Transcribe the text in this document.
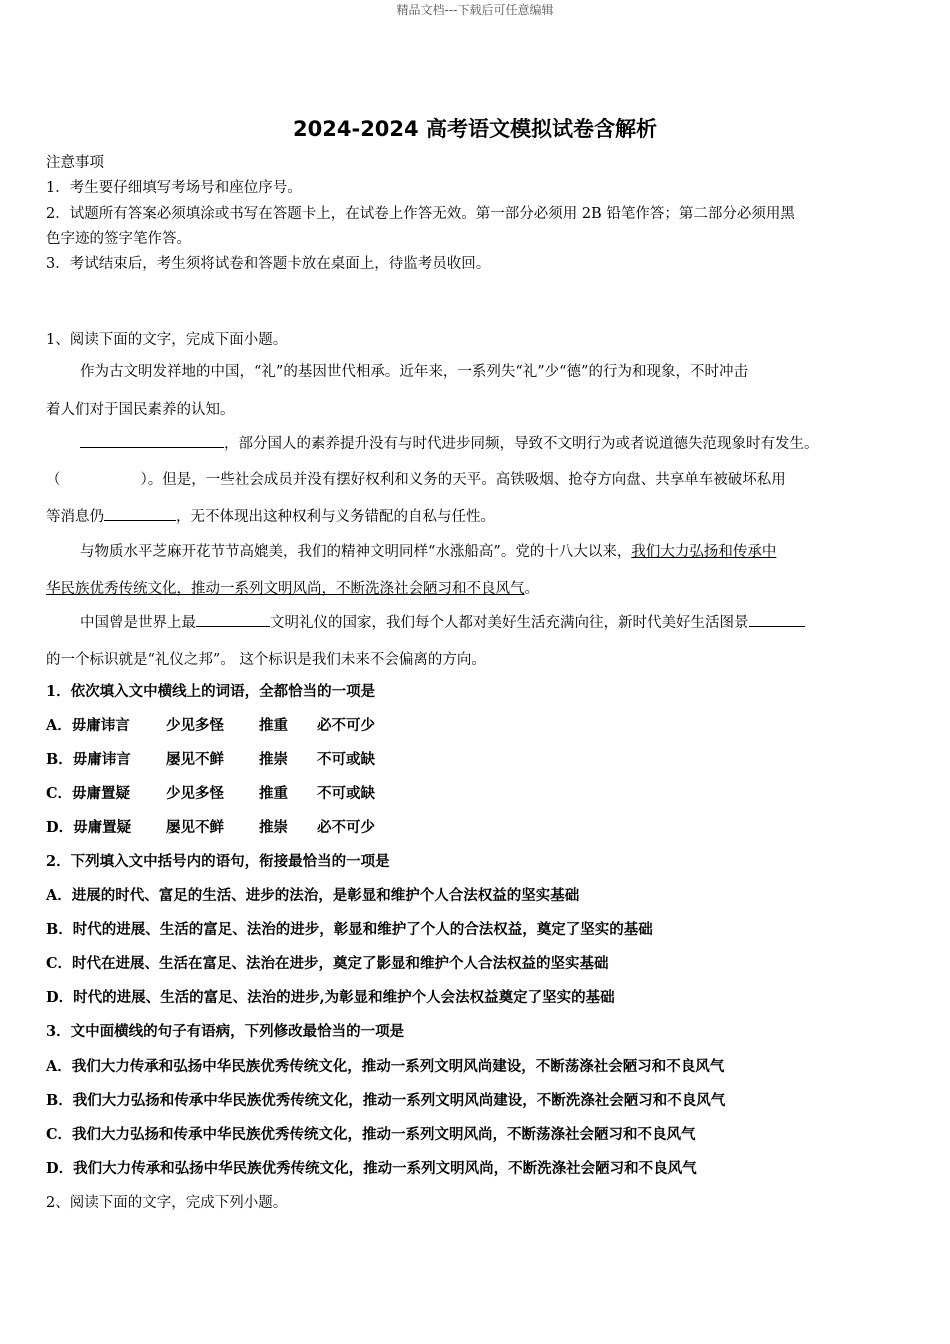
精品文档---下载后可任意编辑
2024-2024 高考语文模拟试卷含解析
注意事项
1．考生要仔细填写考场号和座位序号。
2．试题所有答案必须填涂或书写在答题卡上，在试卷上作答无效。第一部分必须用 2B 铅笔作答；第二部分必须用黑
色字迹的签字笔作答。
3．考试结束后，考生须将试卷和答题卡放在桌面上，待监考员收回。
1、阅读下面的文字，完成下面小题。
作为古文明发祥地的中国，“礼”的基因世代相承。近年来，一系列失“礼”少“德”的行为和现象，不时冲击
着人们对于国民素养的认知。
，部分国人的素养提升没有与时代进步同频，导致不文明行为或者说道德失范现象时有发生。
（	）。但是，一些社会成员并没有摆好权利和义务的天平。高铁吸烟、抢夺方向盘、共享单车被破坏私用
等消息仍	，无不体现出这种权利与义务错配的自私与任性。
与物质水平芝麻开花节节高媲美，我们的精神文明同样“水涨船高”。党的十八大以来，我们大力弘扬和传承中
华民族优秀传统文化，推动一系列文明风尚，不断洗涤社会陋习和不良风气。
中国曾是世界上最	文明礼仪的国家，我们每个人都对美好生活充满向往，新时代美好生活图景
的一个标识就是“礼仪之邦”。 这个标识是我们未来不会偏离的方向。
1．依次填入文中横线上的词语，全都恰当的一项是
A．毋庸讳言	少见多怪 推重 必不可少
B．毋庸讳言 屡见不鲜 推崇 不可或缺
C．毋庸置疑 少见多怪 推重 不可或缺
D．毋庸置疑 屡见不鲜 推崇 必不可少
2．下列填入文中括号内的语句，衔接最恰当的一项是
A．进展的时代、富足的生活、进步的法治，是彰显和维护个人合法权益的坚实基础
B．时代的进展、生活的富足、法治的进步，彰显和维护了个人的合法权益，奠定了坚实的基础
C．时代在进展、生活在富足、法治在进步，奠定了影显和维护个人合法权益的坚实基础
D．时代的进展、生活的富足、法治的进步,为彰显和维护个人会法权益奠定了坚实的基础
3．文中面横线的句子有语病，下列修改最恰当的一项是
A．我们大力传承和弘扬中华民族优秀传统文化，推动一系列文明风尚建设，不断荡涤社会陋习和不良风气
B．我们大力弘扬和传承中华民族优秀传统文化，推动一系列文明风尚建设，不断洗涤社会陋习和不良风气
C．我们大力弘扬和传承中华民族优秀传统文化，推动一系列文明风尚，不断荡涤社会陋习和不良风气
D．我们大力传承和弘扬中华民族优秀传统文化，推动一系列文明风尚，不断洗涤社会陋习和不良风气
2、阅读下面的文字，完成下列小题。
